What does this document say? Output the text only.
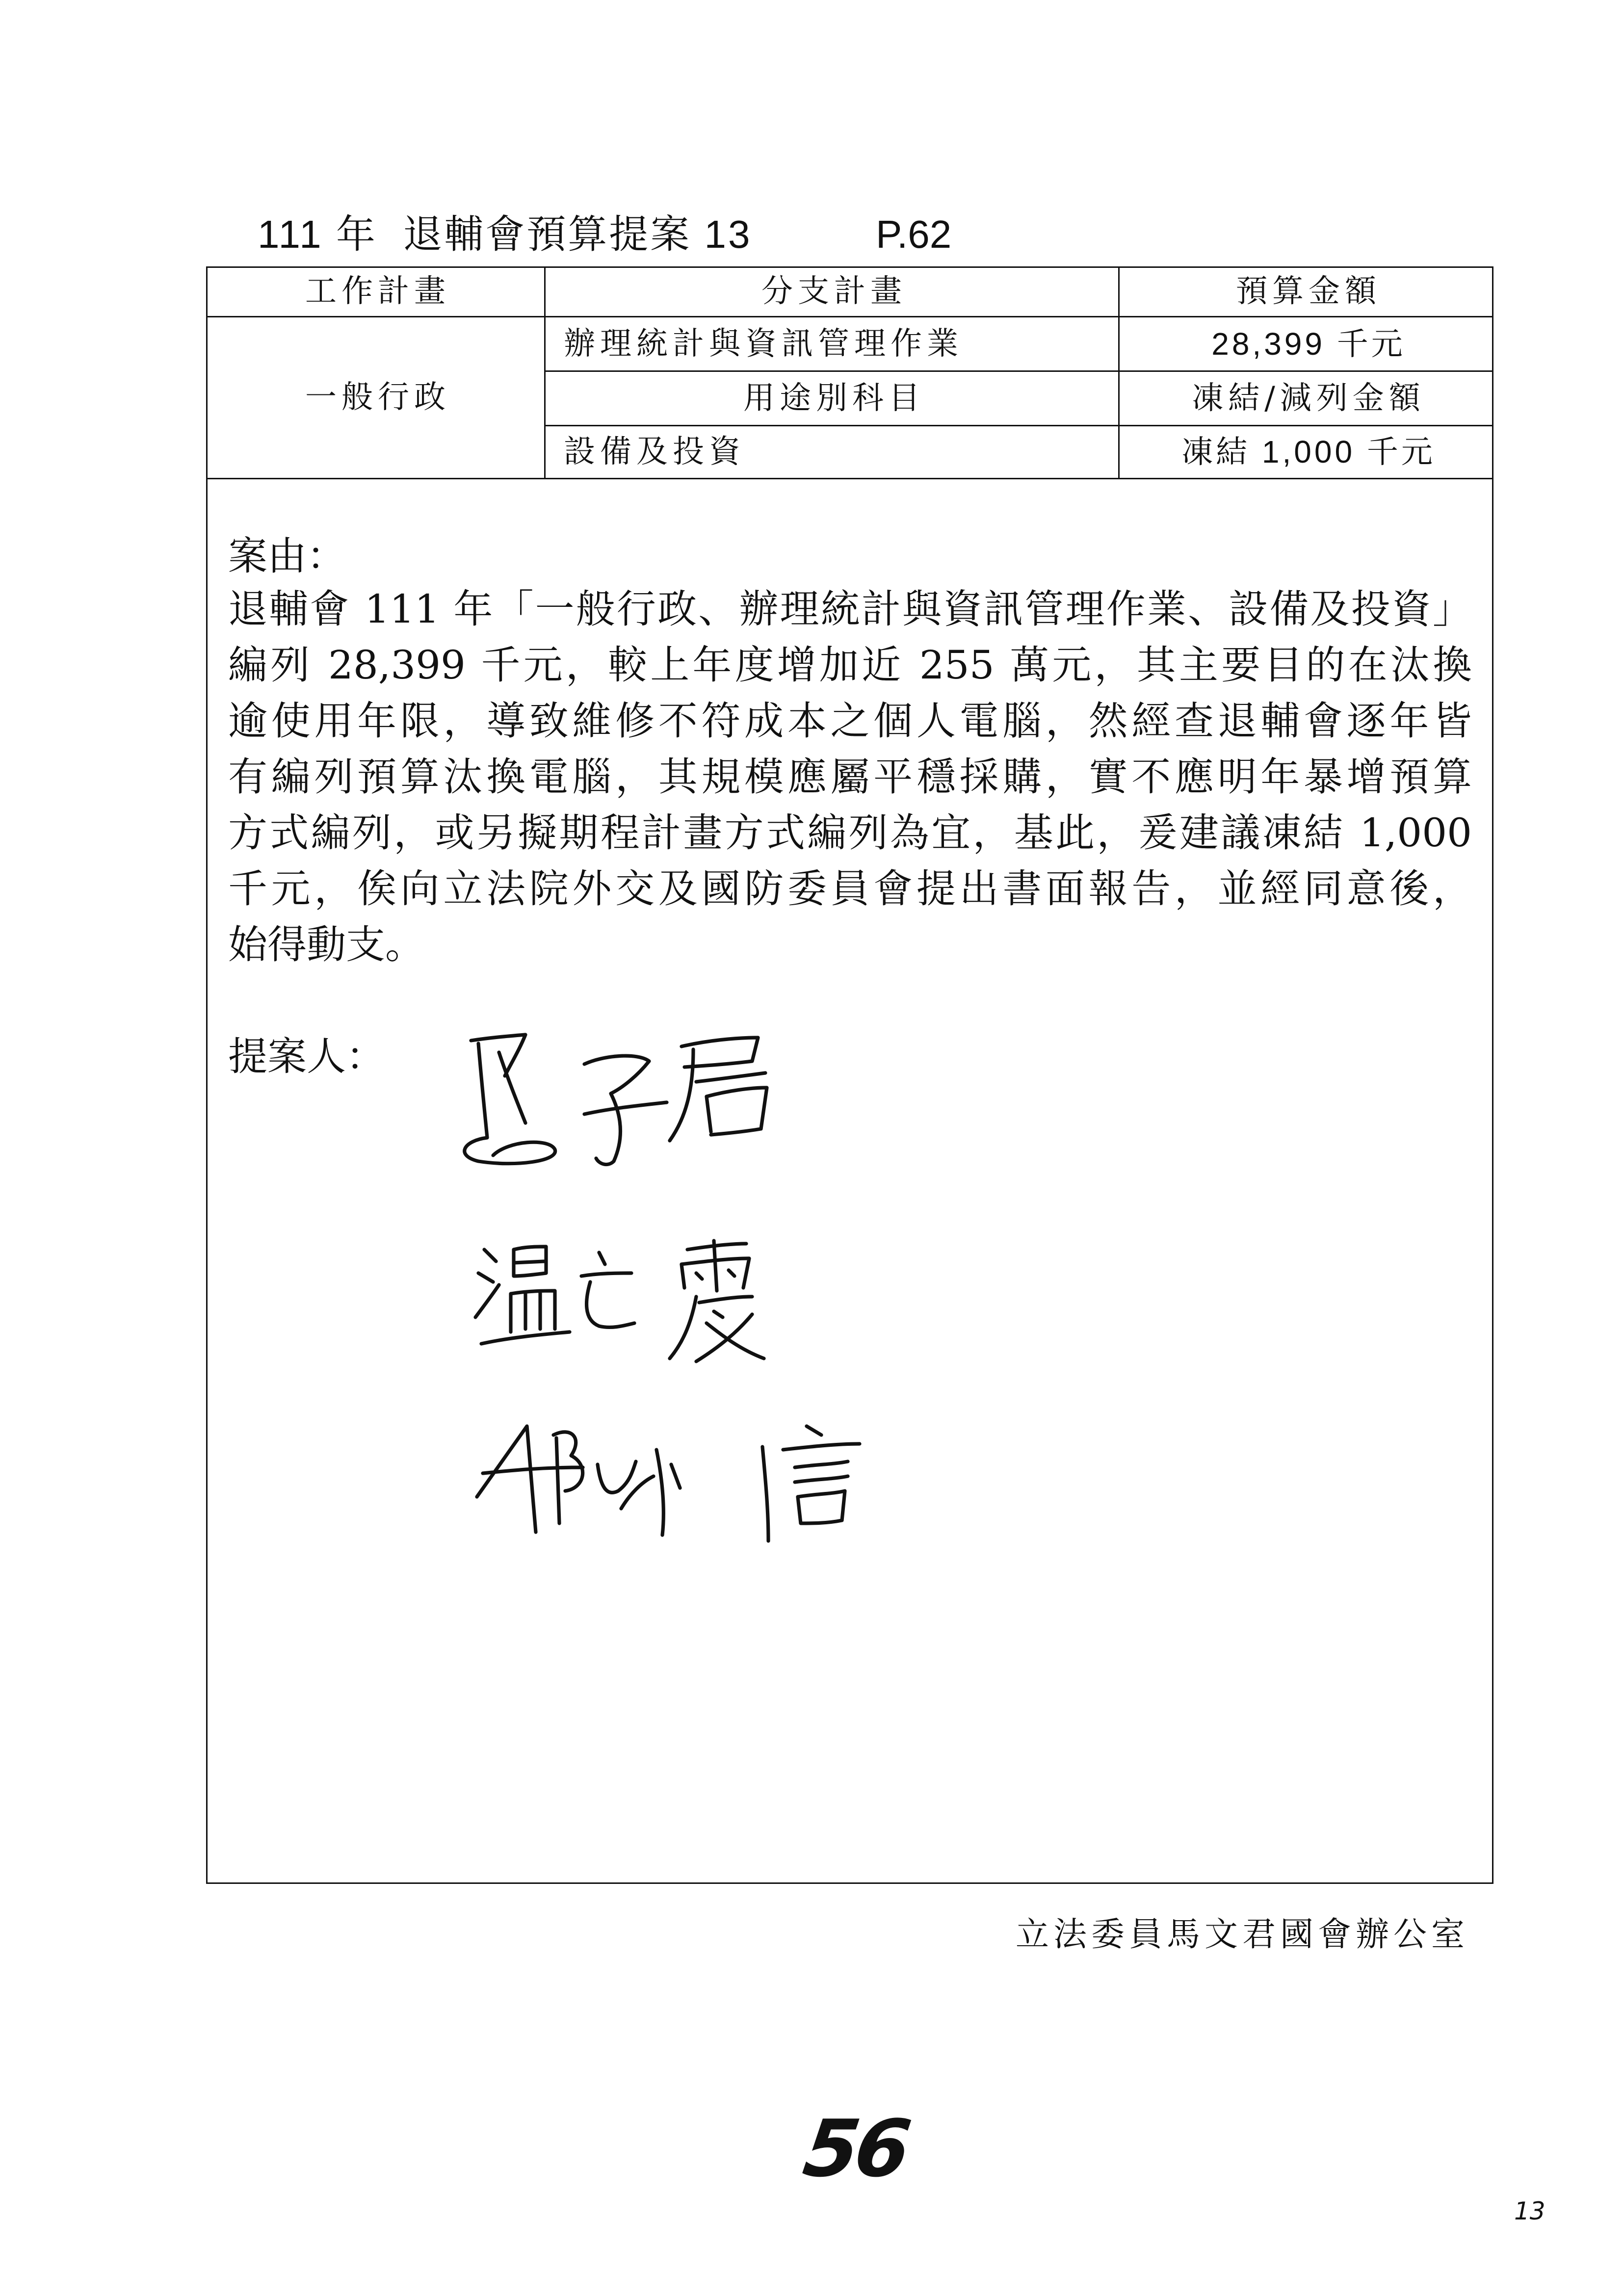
111 年  退輔會預算提案 13	P.62
工作計畫	分支計畫	預算金額
一般行政
辦理統計與資訊管理作業	28,399 千元
用途別科目	凍結/減列金額
設備及投資	凍結 1,000 千元
案由：
退輔會 111 年「一般行政、辦理統計與資訊管理作業、設備及投資」
編列 28,399 千元，較上年度增加近 255 萬元，其主要目的在汰換
逾使用年限，導致維修不符成本之個人電腦，然經查退輔會逐年皆
有編列預算汰換電腦，其規模應屬平穩採購，實不應明年暴增預算
方式編列，或另擬期程計畫方式編列為宜，基此，爰建議凍結 1,000
千元，俟向立法院外交及國防委員會提出書面報告，並經同意後，
始得動支。
提案人：
立法委員馬文君國會辦公室
56
13
